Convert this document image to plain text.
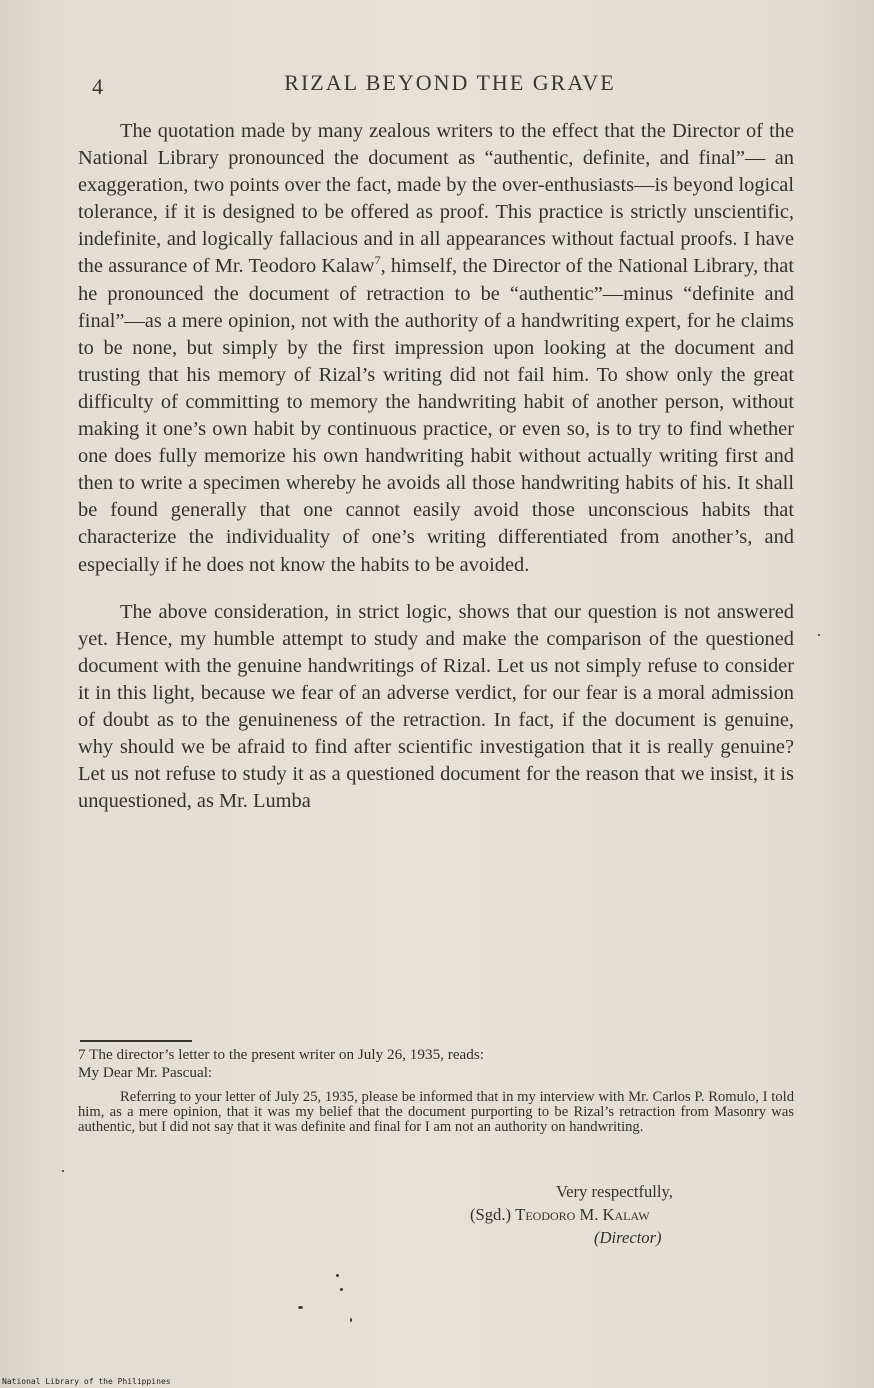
4	RIZAL BEYOND THE GRAVE

The quotation made by many zealous writers to the effect that the Director of the National Library pronounced the document as “authentic, definite, and final”— an exaggeration, two points over the fact, made by the over-enthusiasts—is beyond logical tolerance, if it is designed to be offered as proof. This practice is strictly unscientific, indefinite, and logically fallacious and in all appearances without factual proofs. I have the assurance of Mr. Teodoro Kalaw$^7$, himself, the Director of the National Library, that he pronounced the document of retraction to be “authentic”—minus “definite and final”—as a mere opinion, not with the authority of a handwriting expert, for he claims to be none, but simply by the first impression upon looking at the document and trusting that his memory of Rizal’s writing did not fail him. To show only the great difficulty of committing to memory the handwriting habit of another person, without making it one’s own habit by continuous practice, or even so, is to try to find whether one does fully memorize his own handwriting habit without actually writing first and then to write a specimen whereby he avoids all those handwriting habits of his. It shall be found generally that one cannot easily avoid those unconscious habits that characterize the individuality of one’s writing differentiated from another’s, and especially if he does not know the habits to be avoided.

The above consideration, in strict logic, shows that our question is not answered yet. Hence, my humble attempt to study and make the comparison of the questioned document with the genuine handwritings of Rizal. Let us not simply refuse to consider it in this light, because we fear of an adverse verdict, for our fear is a moral admission of doubt as to the genuineness of the retraction. In fact, if the document is genuine, why should we be afraid to find after scientific investigation that it is really genuine? Let us not refuse to study it as a questioned document for the reason that we insist, it is unquestioned, as Mr. Lumba

7 The director’s letter to the present writer on July 26, 1935, reads:

My Dear Mr. Pascual:

Referring to your letter of July 25, 1935, please be informed that in my interview with Mr. Carlos P. Romulo, I told him, as a mere opinion, that it was my belief that the document purporting to be Rizal’s retraction from Masonry was authentic, but I did not say that it was definite and final for I am not an authority on handwriting.

Very respectfully,
(Sgd.) Teodoro M. Kalaw
(Director)
National Library of the Philippines
